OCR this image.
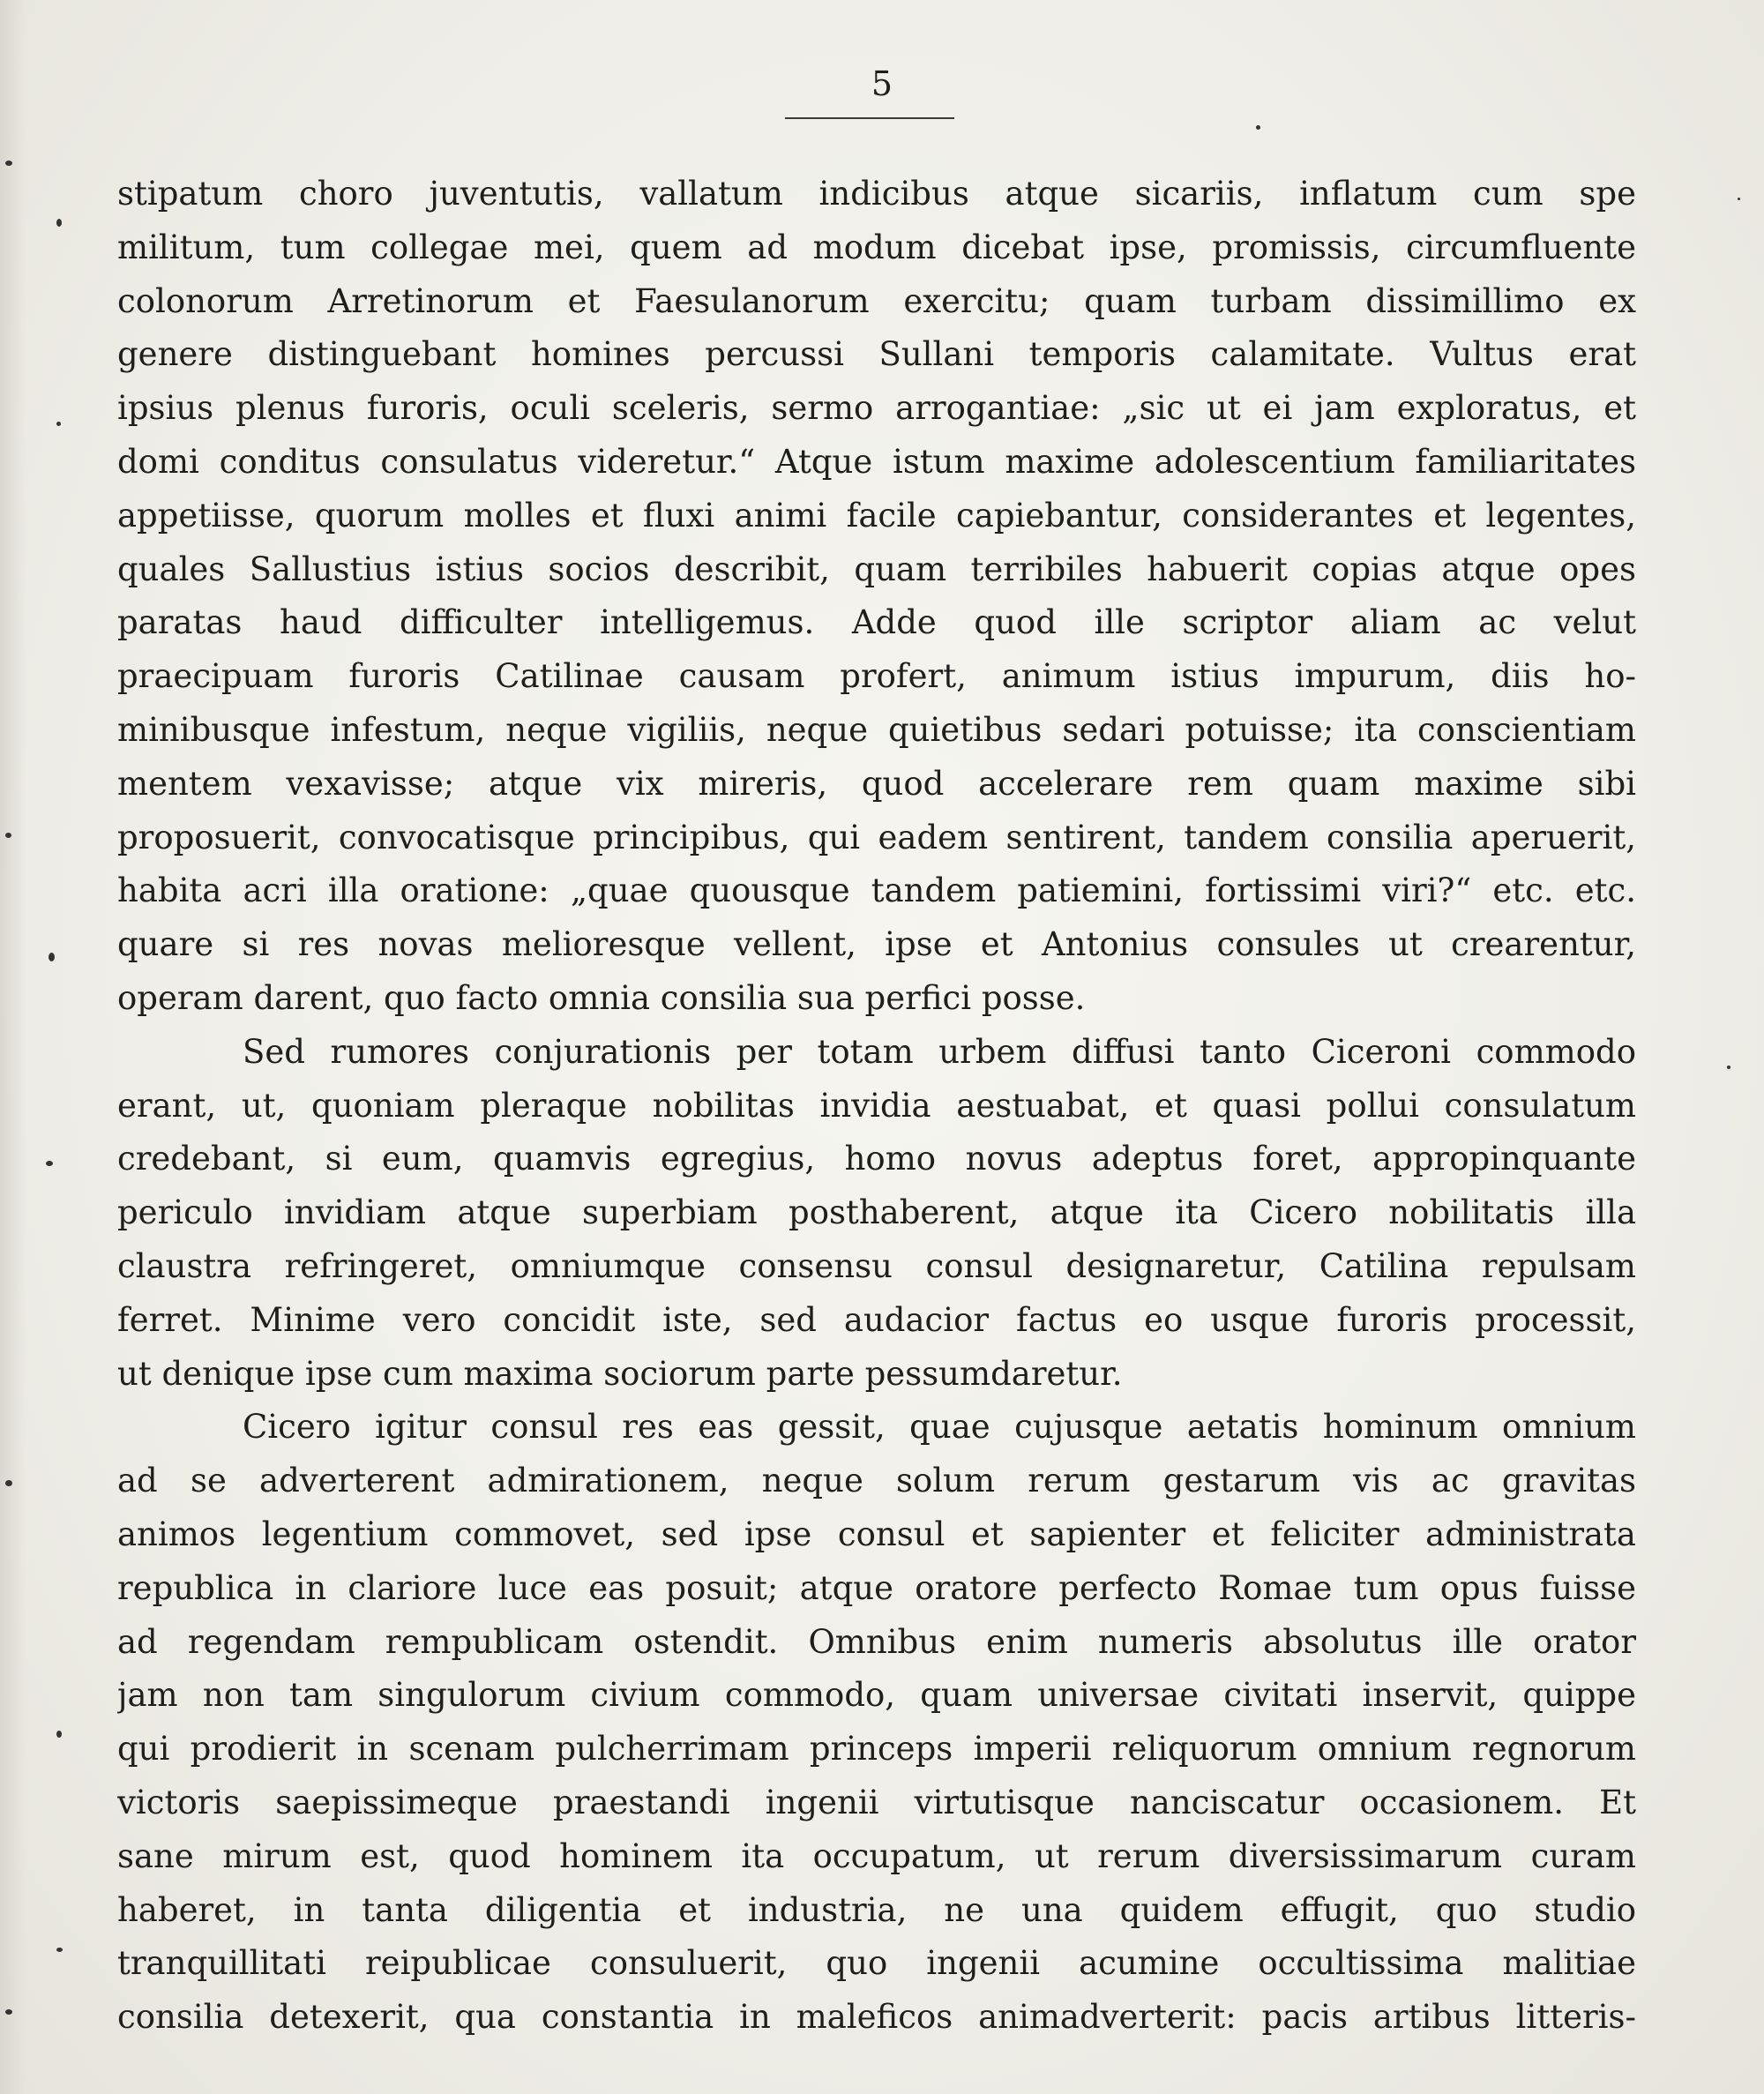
5
stipatum choro juventutis, vallatum indicibus atque sicariis, inflatum cum spe
militum, tum collegae mei, quem ad modum dicebat ipse, promissis, circumfluente
colonorum Arretinorum et Faesulanorum exercitu; quam turbam dissimillimo ex
genere distinguebant homines percussi Sullani temporis calamitate. Vultus erat
ipsius plenus furoris, oculi sceleris, sermo arrogantiae: „sic ut ei jam exploratus, et
domi conditus consulatus videretur.“ Atque istum maxime adolescentium familiaritates
appetiisse, quorum molles et fluxi animi facile capiebantur, considerantes et legentes,
quales Sallustius istius socios describit, quam terribiles habuerit copias atque opes
paratas haud difficulter intelligemus. Adde quod ille scriptor aliam ac velut
praecipuam furoris Catilinae causam profert, animum istius impurum, diis ho-
minibusque infestum, neque vigiliis, neque quietibus sedari potuisse; ita conscientiam
mentem vexavisse; atque vix mireris, quod accelerare rem quam maxime sibi
proposuerit, convocatisque principibus, qui eadem sentirent, tandem consilia aperuerit,
habita acri illa oratione: „quae quousque tandem patiemini, fortissimi viri?“ etc. etc.
quare si res novas melioresque vellent, ipse et Antonius consules ut crearentur,
operam darent, quo facto omnia consilia sua perfici posse.
Sed rumores conjurationis per totam urbem diffusi tanto Ciceroni commodo
erant, ut, quoniam pleraque nobilitas invidia aestuabat, et quasi pollui consulatum
credebant, si eum, quamvis egregius, homo novus adeptus foret, appropinquante
periculo invidiam atque superbiam posthaberent, atque ita Cicero nobilitatis illa
claustra refringeret, omniumque consensu consul designaretur, Catilina repulsam
ferret. Minime vero concidit iste, sed audacior factus eo usque furoris processit,
ut denique ipse cum maxima sociorum parte pessumdaretur.
Cicero igitur consul res eas gessit, quae cujusque aetatis hominum omnium
ad se adverterent admirationem, neque solum rerum gestarum vis ac gravitas
animos legentium commovet, sed ipse consul et sapienter et feliciter administrata
republica in clariore luce eas posuit; atque oratore perfecto Romae tum opus fuisse
ad regendam rempublicam ostendit. Omnibus enim numeris absolutus ille orator
jam non tam singulorum civium commodo, quam universae civitati inservit, quippe
qui prodierit in scenam pulcherrimam princeps imperii reliquorum omnium regnorum
victoris saepissimeque praestandi ingenii virtutisque nanciscatur occasionem. Et
sane mirum est, quod hominem ita occupatum, ut rerum diversissimarum curam
haberet, in tanta diligentia et industria, ne una quidem effugit, quo studio
tranquillitati reipublicae consuluerit, quo ingenii acumine occultissima malitiae
consilia detexerit, qua constantia in maleficos animadverterit: pacis artibus litteris-
